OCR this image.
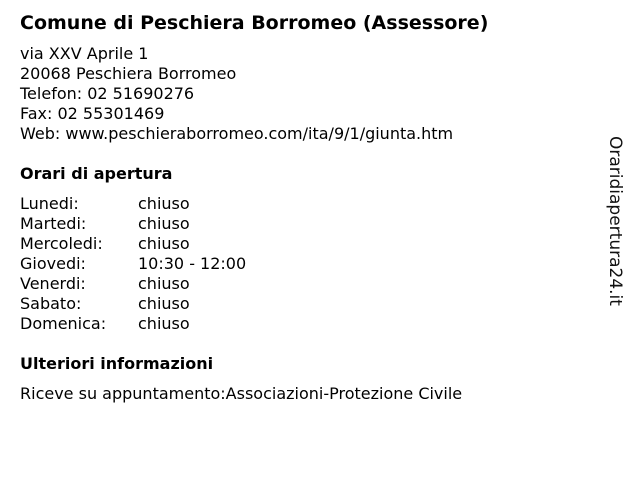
Comune di Peschiera Borromeo (Assessore)
via XXV Aprile 1
20068 Peschiera Borromeo
Telefon: 02 51690276
Fax: 02 55301469
Web: www.peschieraborromeo.com/ita/9/1/giunta.htm
Orari di apertura
Lunedi:	chiuso
Martedi:	chiuso
Mercoledi: chiuso
Giovedi:	10:30 - 12:00
Venerdi:	chiuso
Sabato:	chiuso
Domenica: chiuso
Ulteriori informazioni
Riceve su appuntamento:Associazioni-Protezione Civile
Oraridiapertura24.it
